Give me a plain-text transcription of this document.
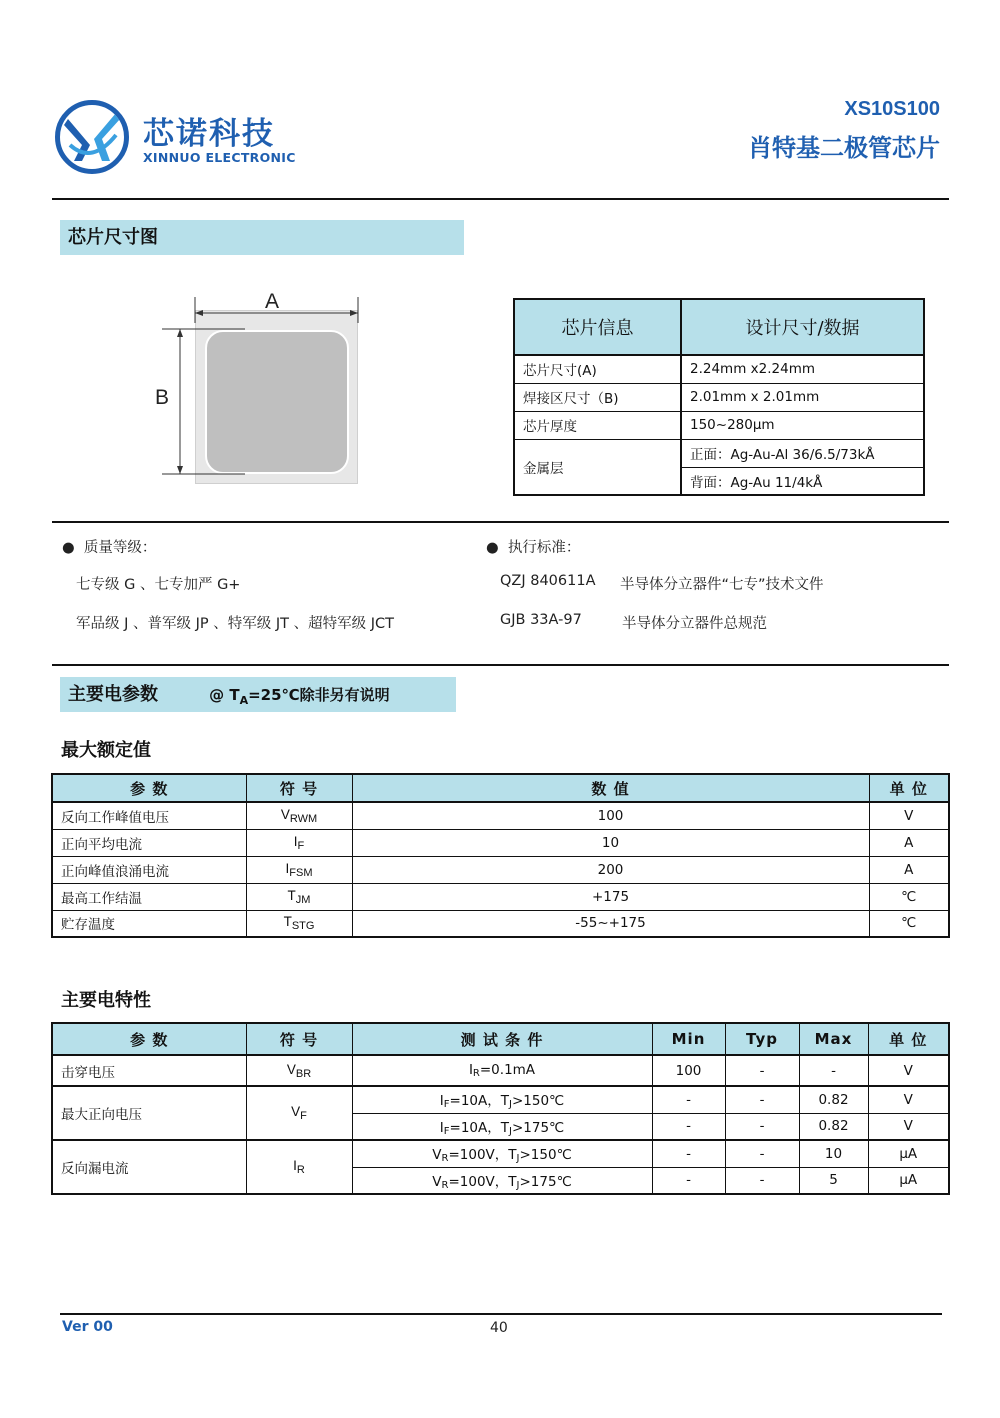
芯诺科技
XINNUO ELECTRONIC
XS10S100
肖特基二极管芯片
芯片尺寸图
A
B
芯片信息	设计尺寸/数据
芯片尺寸(A)	2.24mm x2.24mm
焊接区尺寸（B)	2.01mm x 2.01mm
芯片厚度	150~280μm
金属层	正面：Ag-Au-Al 36/6.5/73kÅ
	背面：Ag-Au 11/4kÅ
●  质量等级：
七专级 G 、七专加严 G+
军品级 J 、普军级 JP 、特军级 JT 、超特军级 JCT
●  执行标准：
QZJ 840611A 半导体分立器件“七专”技术文件
GJB 33A-97	半导体分立器件总规范
主要电参数	@ $T_A=25℃$除非另有说明
最大额定值
参 数	符 号	数 值	单 位
反向工作峰值电压	$V_{RWM}$	100	V
正向平均电流	$I_F$	10	A
正向峰值浪涌电流	$I_{FSM}$	200	A
最高工作结温	$T_{JM}$	+175	℃
贮存温度	$T_{STG}$	-55~+175	℃
主要电特性
参 数	符 号	测 试 条 件	Min	Typ	Max	单 位
击穿电压	$V_{BR}$	$I_R=0.1mA$	100	-	-	V
最大正向电压	$V_F$	$I_F=10A$，$T_J>150℃$	-	-	0.82	V
		$I_F=10A$，$T_J>175℃$	-	-	0.82	V
反向漏电流	$I_R$	$V_R=100V$，$T_J>150℃$	-	-	10	μA
		$V_R=100V$，$T_J>175℃$	-	-	5	μA
Ver 00	40
